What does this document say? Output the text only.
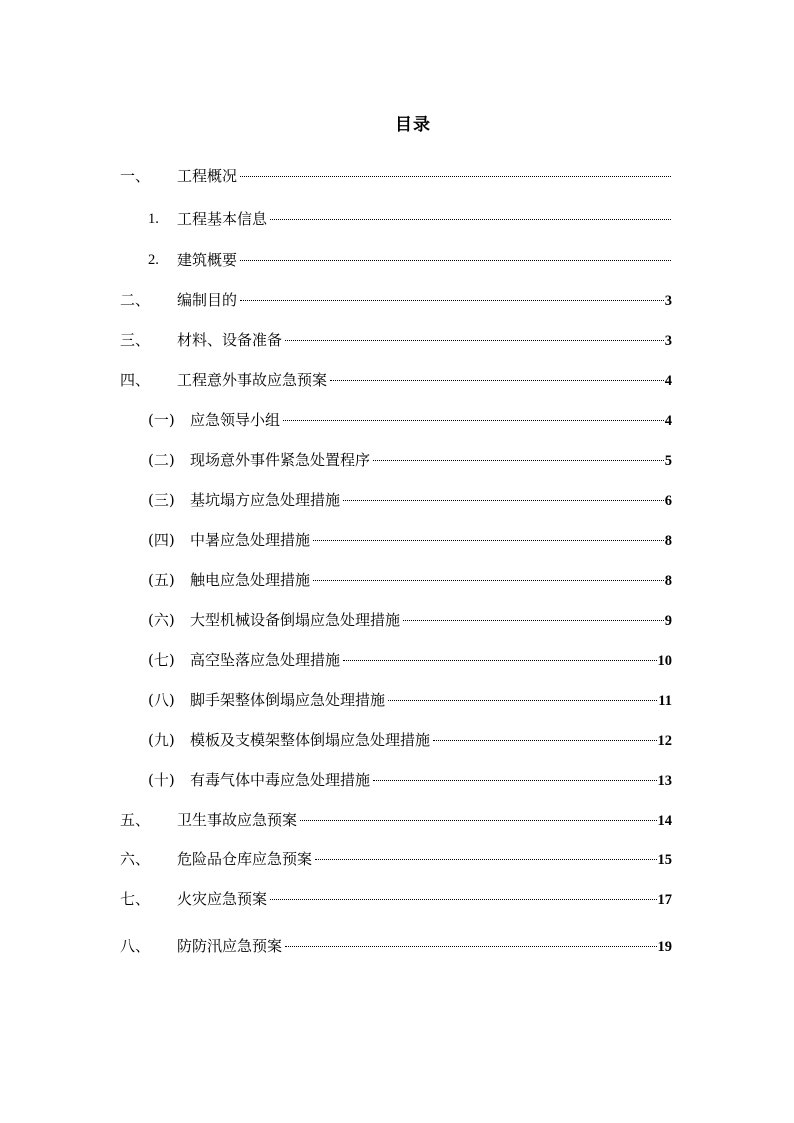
目录
一、 工程概况
1. 工程基本信息
2. 建筑概要
二、 编制目的	3
三、 材料、设备准备	3
四、 工程意外事故应急预案	4
(一) 应急领导小组	4
(二) 现场意外事件紧急处置程序	5
(三) 基坑塌方应急处理措施	6
(四) 中暑应急处理措施	8
(五) 触电应急处理措施	8
(六) 大型机械设备倒塌应急处理措施	9
(七) 高空坠落应急处理措施	10
(八) 脚手架整体倒塌应急处理措施	11
(九) 模板及支模架整体倒塌应急处理措施	12
(十) 有毒气体中毒应急处理措施	13
五、 卫生事故应急预案	14
六、 危险品仓库应急预案	15
七、 火灾应急预案	17
八、 防防汛应急预案	19
